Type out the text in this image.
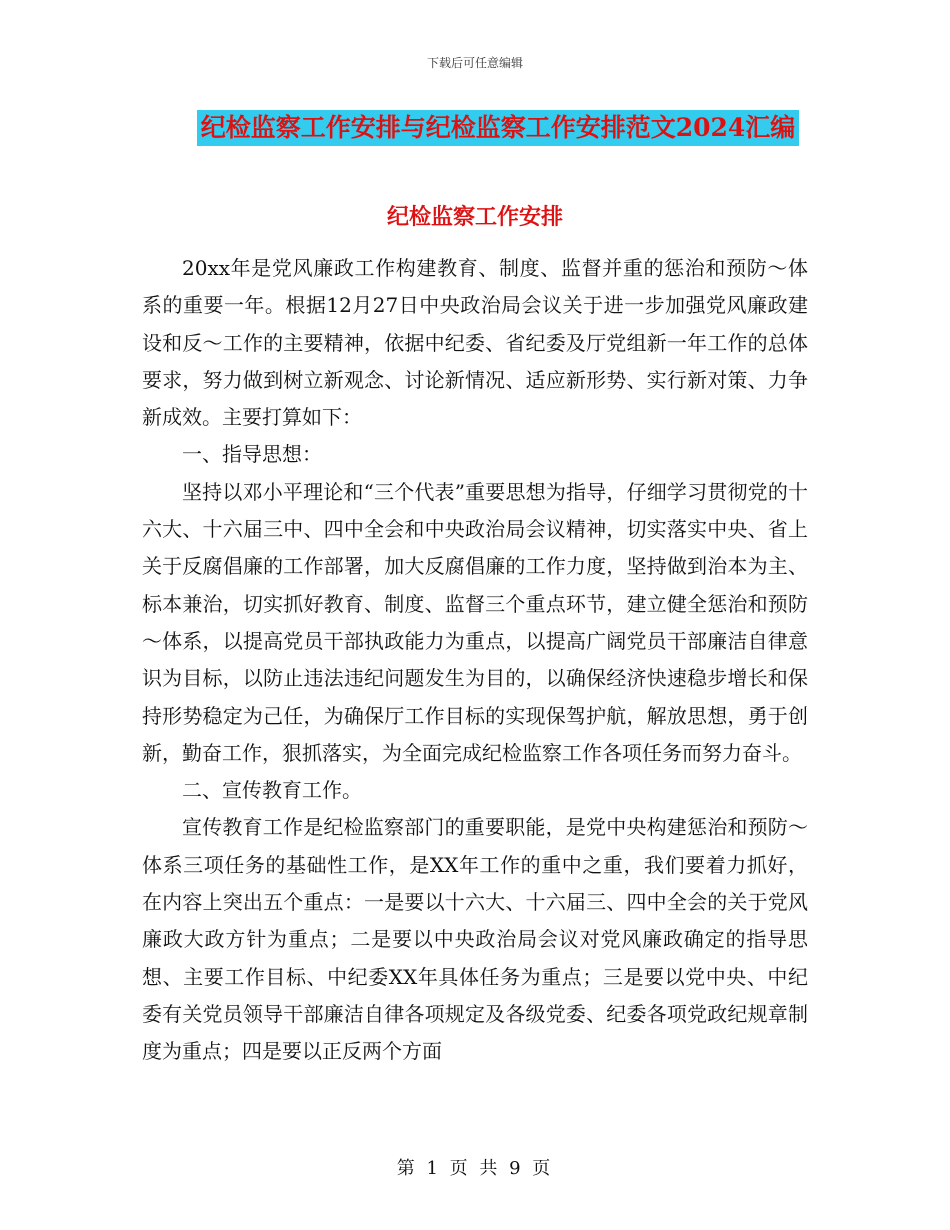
下载后可任意编辑
纪检监察工作安排与纪检监察工作安排范文2024汇编
纪检监察工作安排

20xx年是党风廉政工作构建教育、制度、监督并重的惩治和预防～体系的重要一年。根据12月27日中央政治局会议关于进一步加强党风廉政建设和反～工作的主要精神，依据中纪委、省纪委及厅党组新一年工作的总体要求，努力做到树立新观念、讨论新情况、适应新形势、实行新对策、力争新成效。主要打算如下：

一、指导思想：

坚持以邓小平理论和“三个代表”重要思想为指导，仔细学习贯彻党的十六大、十六届三中、四中全会和中央政治局会议精神，切实落实中央、省上关于反腐倡廉的工作部署，加大反腐倡廉的工作力度，坚持做到治本为主、标本兼治，切实抓好教育、制度、监督三个重点环节，建立健全惩治和预防～体系，以提高党员干部执政能力为重点，以提高广阔党员干部廉洁自律意识为目标，以防止违法违纪问题发生为目的，以确保经济快速稳步增长和保持形势稳定为己任，为确保厅工作目标的实现保驾护航，解放思想，勇于创新，勤奋工作，狠抓落实，为全面完成纪检监察工作各项任务而努力奋斗。

二、宣传教育工作。

宣传教育工作是纪检监察部门的重要职能，是党中央构建惩治和预防～体系三项任务的基础性工作，是XX年工作的重中之重，我们要着力抓好，在内容上突出五个重点：一是要以十六大、十六届三、四中全会的关于党风廉政大政方针为重点；二是要以中央政治局会议对党风廉政确定的指导思想、主要工作目标、中纪委XX年具体任务为重点；三是要以党中央、中纪委有关党员领导干部廉洁自律各项规定及各级党委、纪委各项党政纪规章制度为重点；四是要以正反两个方面

第 1 页 共 9 页
